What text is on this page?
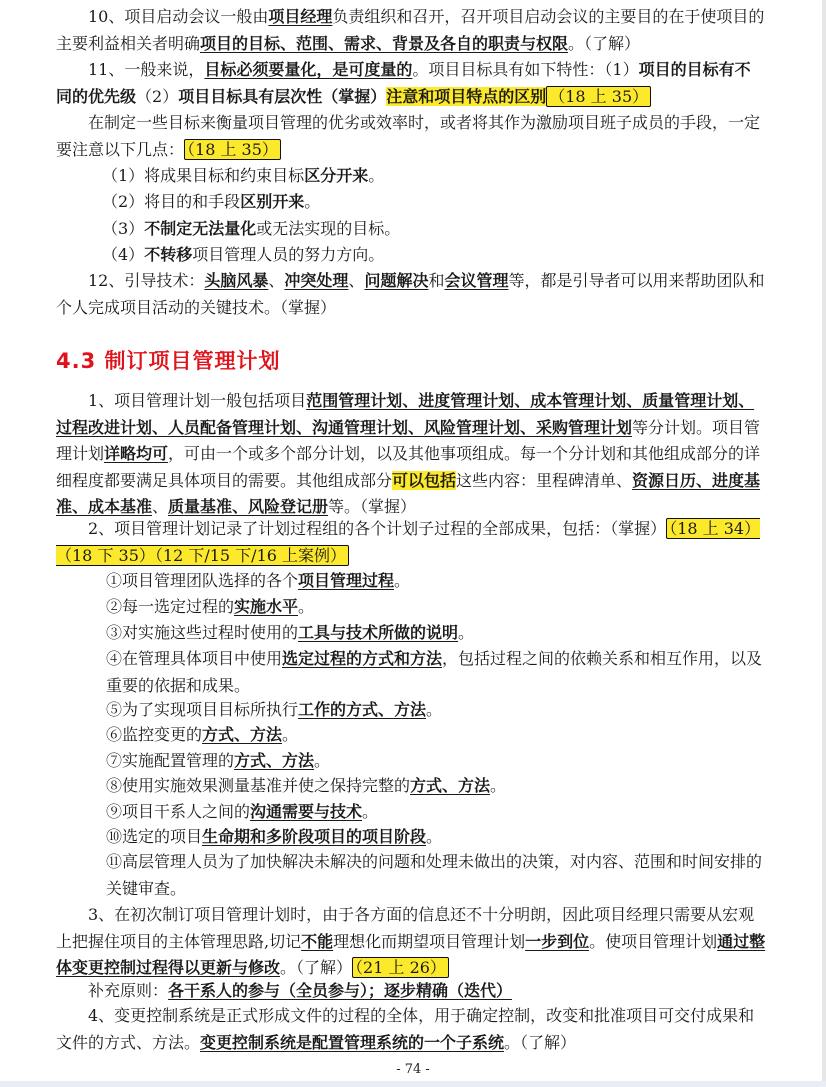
10、项目启动会议一般由项目经理负责组织和召开，召开项目启动会议的主要目的在于使项目的主要利益相关者明确项目的目标、范围、需求、背景及各自的职责与权限。（了解）

11、一般来说，目标必须要量化，是可度量的。项目目标具有如下特性：（1）项目的目标有不同的优先级（2）项目目标具有层次性（掌握）注意和项目特点的区别 （18 上 35）

在制定一些目标来衡量项目管理的优劣或效率时，或者将其作为激励项目班子成员的手段，一定要注意以下几点： （18 上 35）

（1）将成果目标和约束目标区分开来。

（2）将目的和手段区别开来。

（3）不制定无法量化或无法实现的目标。

（4）不转移项目管理人员的努力方向。

12、引导技术：头脑风暴、冲突处理、问题解决和会议管理等，都是引导者可以用来帮助团队和个人完成项目活动的关键技术。（掌握）

4.3 制订项目管理计划

1、项目管理计划一般包括项目范围管理计划、进度管理计划、成本管理计划、质量管理计划、过程改进计划、人员配备管理计划、沟通管理计划、风险管理计划、采购管理计划等分计划。项目管理计划详略均可，可由一个或多个部分计划，以及其他事项组成。每一个分计划和其他组成部分的详细程度都要满足具体项目的需要。其他组成部分可以包括这些内容：里程碑清单、资源日历、进度基准、成本基准、质量基准、风险登记册等。（掌握）

2、项目管理计划记录了计划过程组的各个计划子过程的全部成果，包括：（掌握） （18 上 34）（18 下 35）（12 下/15 下/16 上案例）

①项目管理团队选择的各个项目管理过程。

②每一选定过程的实施水平。

③对实施这些过程时使用的工具与技术所做的说明。

④在管理具体项目中使用选定过程的方式和方法，包括过程之间的依赖关系和相互作用，以及重要的依据和成果。

⑤为了实现项目目标所执行工作的方式、方法。

⑥监控变更的方式、方法。

⑦实施配置管理的方式、方法。

⑧使用实施效果测量基准并使之保持完整的方式、方法。

⑨项目干系人之间的沟通需要与技术。

⑩选定的项目生命期和多阶段项目的项目阶段。

⑪高层管理人员为了加快解决未解决的问题和处理未做出的决策，对内容、范围和时间安排的关键审查。

3、在初次制订项目管理计划时，由于各方面的信息还不十分明朗，因此项目经理只需要从宏观上把握住项目的主体管理思路,切记不能理想化而期望项目管理计划一步到位。使项目管理计划通过整体变更控制过程得以更新与修改。（了解） （21 上 26）

补充原则：各干系人的参与（全员参与）；逐步精确（迭代）

4、变更控制系统是正式形成文件的过程的全体，用于确定控制，改变和批准项目可交付成果和文件的方式、方法。变更控制系统是配置管理系统的一个子系统。（了解）

- 74 -
